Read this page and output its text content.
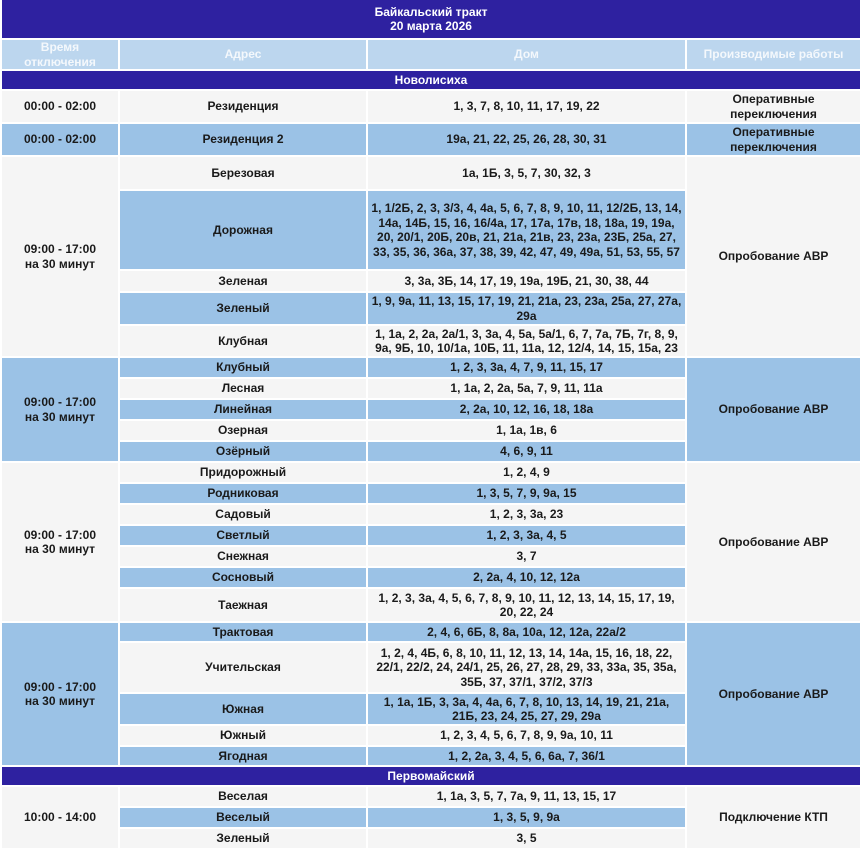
Байкальский тракт
20 марта 2026			

Время отключения	Адрес	Дом	Производимые работы
Новолисиха			

00:00 - 02:00	Резиденция	1, 3, 7, 8, 10, 11, 17, 19, 22	Оперативные переключения

00:00 - 02:00	Резиденция 2	19а, 21, 22, 25, 26, 28, 30, 31	Оперативные переключения

09:00 - 17:00
на 30 минут	Березовая	1а, 1Б, 3, 5, 7, 30, 32, 3	Опробование АВР
	Дорожная	1, 1/2Б, 2, 3, 3/3, 4, 4а, 5, 6, 7, 8, 9, 10, 11, 12/2Б, 13, 14, 14а, 14Б, 15, 16, 16/4а, 17, 17а, 17в, 18, 18а, 19, 19а, 20, 20/1, 20Б, 20в, 21, 21а, 21в, 23, 23а, 23Б, 25а, 27, 33, 35, 36, 36а, 37, 38, 39, 42, 47, 49, 49а, 51, 53, 55, 57	
	Зеленая	3, 3а, 3Б, 14, 17, 19, 19а, 19Б, 21, 30, 38, 44	
	Зеленый	1, 9, 9а, 11, 13, 15, 17, 19, 21, 21а, 23, 23а, 25а, 27, 27а, 29а	
	Клубная	1, 1а, 2, 2а, 2а/1, 3, 3а, 4, 5а, 5а/1, 6, 7, 7а, 7Б, 7г, 8, 9, 9а, 9Б, 10, 10/1а, 10Б, 11, 11а, 12, 12/4, 14, 15, 15а, 23	

09:00 - 17:00
на 30 минут	Клубный	1, 2, 3, 3а, 4, 7, 9, 11, 15, 17	Опробование АВР
	Лесная	1, 1а, 2, 2а, 5а, 7, 9, 11, 11а	
	Линейная	2, 2а, 10, 12, 16, 18, 18а	
	Озерная	1, 1а, 1в, 6	
	Озёрный	4, 6, 9, 11	

09:00 - 17:00
на 30 минут	Придорожный	1, 2, 4, 9	Опробование АВР
	Родниковая	1, 3, 5, 7, 9, 9а, 15	
	Садовый	1, 2, 3, 3а, 23	
	Светлый	1, 2, 3, 3а, 4, 5	
	Снежная	3, 7	
	Сосновый	2, 2а, 4, 10, 12, 12а	
	Таежная	1, 2, 3, 3а, 4, 5, 6, 7, 8, 9, 10, 11, 12, 13, 14, 15, 17, 19, 20, 22, 24	

09:00 - 17:00
на 30 минут	Трактовая	2, 4, 6, 6Б, 8, 8а, 10а, 12, 12а, 22а/2	Опробование АВР
	Учительская	1, 2, 4, 4Б, 6, 8, 10, 11, 12, 13, 14, 14а, 15, 16, 18, 22, 22/1, 22/2, 24, 24/1, 25, 26, 27, 28, 29, 33, 33а, 35, 35а, 35Б, 37, 37/1, 37/2, 37/3	
	Южная	1, 1а, 1Б, 3, 3а, 4, 4а, 6, 7, 8, 10, 13, 14, 19, 21, 21а, 21Б, 23, 24, 25, 27, 29, 29а	
	Южный	1, 2, 3, 4, 5, 6, 7, 8, 9, 9а, 10, 11	
	Ягодная	1, 2, 2а, 3, 4, 5, 6, 6а, 7, 36/1	
Первомайский			

10:00 - 14:00	Веселая	1, 1а, 3, 5, 7, 7а, 9, 11, 13, 15, 17	Подключение КТП
	Веселый	1, 3, 5, 9, 9а	
	Зеленый	3, 5	
